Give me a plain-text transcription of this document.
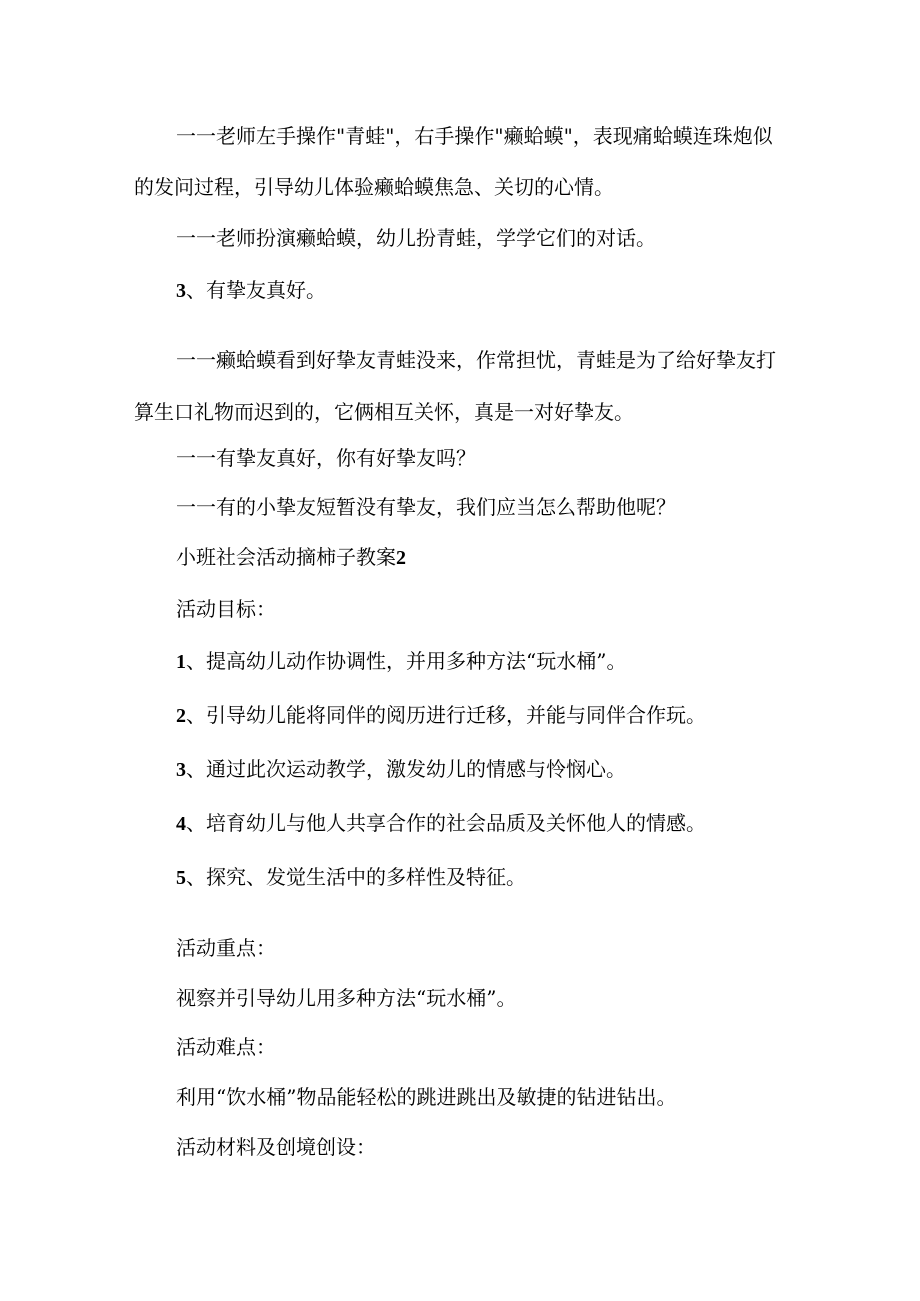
一一老师左手操作"青蛙"，右手操作"癞蛤蟆"，表现痛蛤蟆连珠炮似

的发问过程，引导幼儿体验癞蛤蟆焦急、关切的心情。

一一老师扮演癞蛤蟆，幼儿扮青蛙，学学它们的对话。

3、有挚友真好。

一一癞蛤蟆看到好挚友青蛙没来，作常担忧，青蛙是为了给好挚友打

算生口礼物而迟到的，它俩相互关怀，真是一对好挚友。

一一有挚友真好，你有好挚友吗？

一一有的小挚友短暂没有挚友，我们应当怎么帮助他呢？

小班社会活动摘柿子教案2

活动目标：

1、提高幼儿动作协调性，并用多种方法“玩水桶”。

2、引导幼儿能将同伴的阅历进行迁移，并能与同伴合作玩。

3、通过此次运动教学，激发幼儿的情感与怜悯心。

4、培育幼儿与他人共享合作的社会品质及关怀他人的情感。

5、探究、发觉生活中的多样性及特征。

活动重点：

视察并引导幼儿用多种方法“玩水桶”。

活动难点：

利用“饮水桶”物品能轻松的跳进跳出及敏捷的钻进钻出。

活动材料及创境创设：
